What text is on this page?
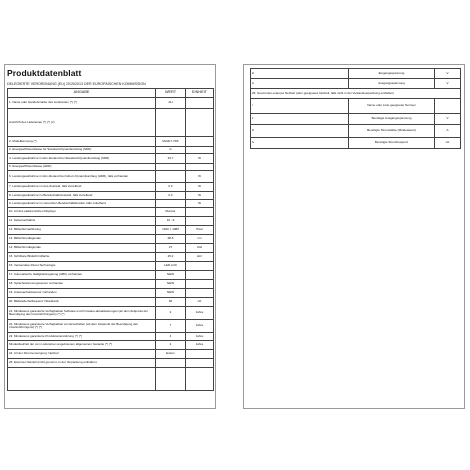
Produktdatenblatt
DELEGIERTE VERORDNUNG (EU) 2019/2013 DER EUROPÄISCHEN KOMMISSION
ANGABE	WERT	EINHEIT
1. Name oder Handelsmarke des Lieferanten (*) (*)	AH	
Anschrift des Lieferanten (*) (*) (c)		
2. Modellkennung (*)	MA4K7.7RF	
3. Energieeffizienzklasse für Standard-Dynamikumfang (SDR)	G	
4. Leistungsaufnahme im Ein-Zustand bei Standard-Dynamikumfang (SDR)	34.7	W
5. Energieeffizienzklasse (HDR)		
6. Leistungsaufnahme im Ein-Zustand bei hohem Dynamikumfang (HDR), falls vorhanden		W
7. Leistungsaufnahme im Aus-Zustand, falls zutreffend	0.3	W
8. Leistungsaufnahme im Bereitschaftszustand, falls zutreffend	0.3	W
9. Leistungsaufnahme im vernetzten Bereitschaftsbetrieb, falls zutreffend		W
10. Art des elektronischen Displays	Monitor	
11. Seitenverhältnis	16 : 9	
12. Bildschirmauflösung	1920 × 1080	Pixel
13. Bildschirmdiagonale	68.6	cm
14. Bildschirmdiagonale	27	Zoll
15. Sichtbare Bildschirmfläche	25.2	dm²
16. Verwendete Panel-Technologie	LED LCD	
17. Automatische Helligkeitsregelung (ABC) vorhanden	NEIN	
18. Spracherkennungssensor vorhanden	NEIN	
19. Anwesenheitssensor vorhanden	NEIN	
20. Bildwiederholfrequenz (Standard)	60	Hz
21. Mindestens garantierte Verfügbarkeit Software und Firmware-aktualisierungen (ab dem Zeitpunkt der Beendigung des Inverkehrbringens) (*) (*)	2	Jahre
22. Mindestens garantierte Verfügbarkeit von Ersatzteilen (ab dem Zeitpunkt der Beendigung des Inverkehrbringens) (*) (*)	7	Jahre
23. Mindestens garantierte Produktunterstützung (*) (*)	4	Jahre
Mindestlaufzeit der vom Lieferanten angebotenen allgemeinen Garantie (*) (*)	2	Jahre
24. Art der Stromversorgung: Netzteil	Extern	
25. Externes Netzteil (nicht genormt, in der Verpackung enthalten)		

iii	Eingangsspannung	V
iv	Ausgangsspannung	V
26. Genormtes externes Netzteil (oder geeignetes Netzteil, falls nicht in der Verkaufsverpackung enthalten)		
i	Name oder Liste geeigneter Normen	
ii	Benötigte Ausgangsspannung	V
iii	Benötigte Stromstärke (Mindestwert)	A
iv	Benötigte Stromfrequenz	Hz
